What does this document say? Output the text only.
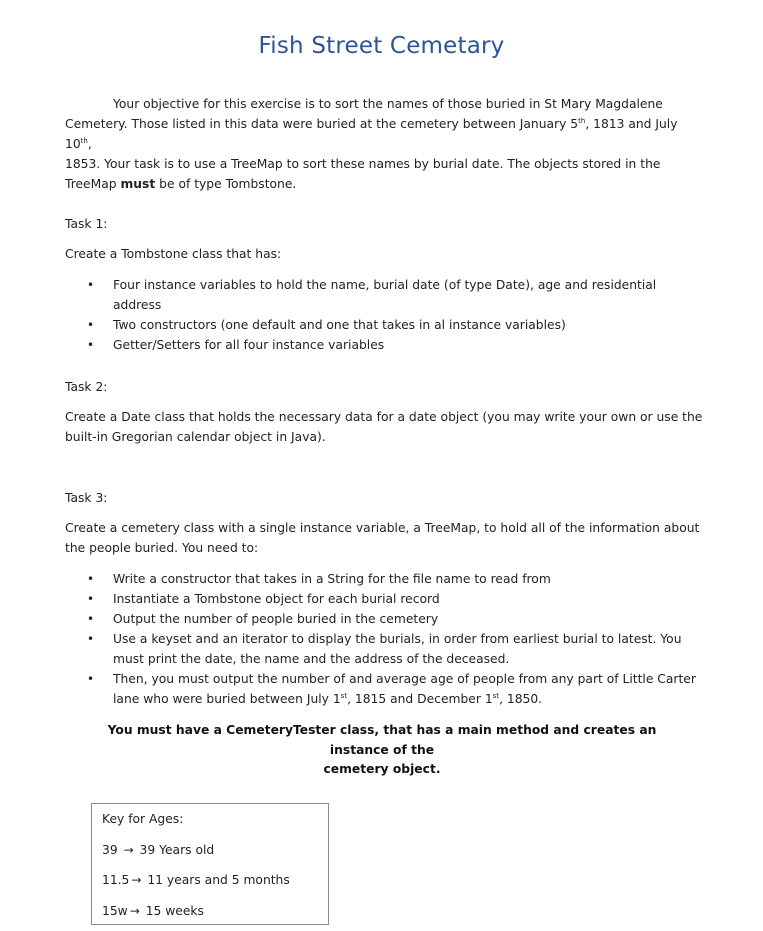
Fish Street Cemetary

Your objective for this exercise is to sort the names of those buried in St Mary Magdalene

Cemetery. Those listed in this data were buried at the cemetery between January 5th, 1813 and July 10th,

1853. Your task is to use a TreeMap to sort these names by burial date. The objects stored in the

TreeMap must be of type Tombstone.

Task 1:
Create a Tombstone class that has:
• Four instance variables to hold the name, burial date (of type Date), age and residential address
• Two constructors (one default and one that takes in al instance variables)
• Getter/Setters for all four instance variables
Task 2:

Create a Date class that holds the necessary data for a date object (you may write your own or use the

built-in Gregorian calendar object in Java).

Task 3:

Create a cemetery class with a single instance variable, a TreeMap, to hold all of the information about

the people buried. You need to:

• Write a constructor that takes in a String for the file name to read from
• Instantiate a Tombstone object for each burial record
• Output the number of people buried in the cemetery
• Use a keyset and an iterator to display the burials, in order from earliest burial to latest. You
must print the date, the name and the address of the deceased.
• Then, you must output the number of and average age of people from any part of Little Carter
lane who were buried between July 1st, 1815 and December 1st, 1850.
You must have a CemeteryTester class, that has a main method and creates an instance of the
cemetery object.
Key for Ages:
39 → 39 Years old
11.5 → 11 years and 5 months
15w → 15 weeks
